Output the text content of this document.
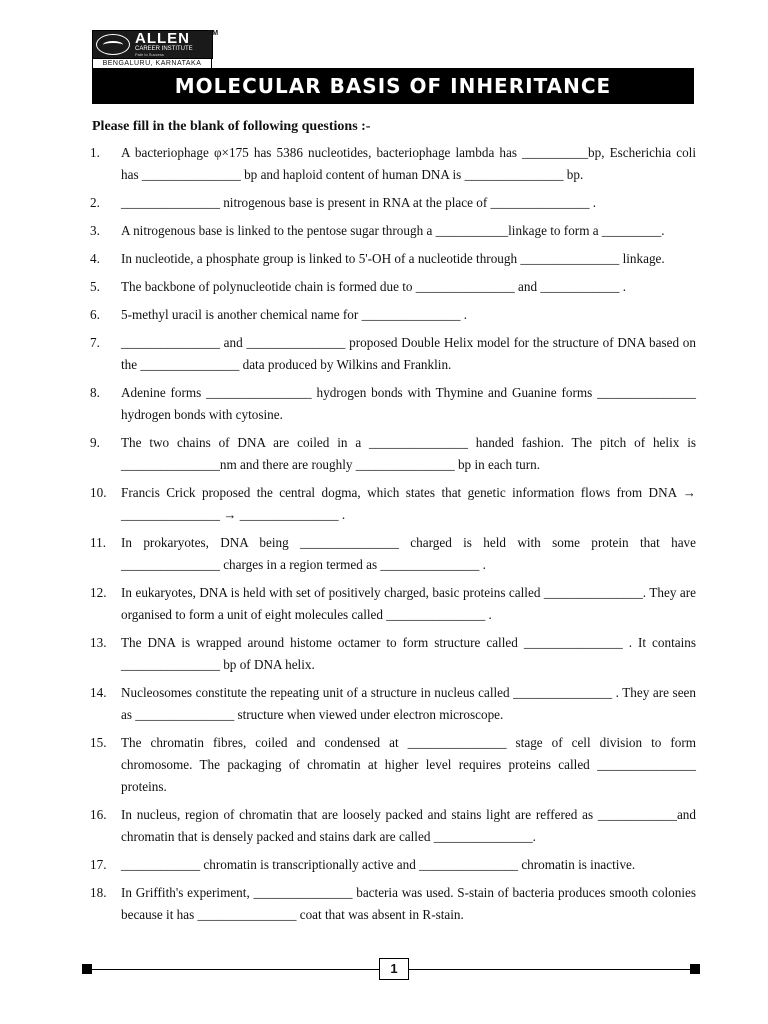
ALLEN
CAREER INSTITUTE
Path to Success
BENGALURU, KARNATAKA
TM
MOLECULAR BASIS OF INHERITANCE
Please fill in the blank of following questions :-
1.	A bacteriophage φ×175 has 5386 nucleotides, bacteriophage lambda has __________bp, Escherichia coli has _______________ bp and haploid content of human DNA is _______________ bp.
2.	_______________ nitrogenous base is present in RNA at the place of _______________ .
3.	A nitrogenous base is linked to the pentose sugar through a ___________linkage to form a _________.
4.	In nucleotide, a phosphate group is linked to 5'-OH of a nucleotide through _______________ linkage.
5.	The backbone of polynucleotide chain is formed due to _______________ and ____________ .
6.	5-methyl uracil is another chemical name for _______________ .
7.	_______________ and _______________ proposed Double Helix model for the structure of DNA based on the _______________ data produced by Wilkins and Franklin.
8.	Adenine forms ________________ hydrogen bonds with Thymine and Guanine forms _______________ hydrogen bonds with cytosine.
9.	The two chains of DNA are coiled in a _______________ handed fashion. The pitch of helix is _______________nm and there are roughly _______________ bp in each turn.
10.	Francis Crick proposed the central dogma, which states that genetic information flows from DNA → _______________ → _______________ .
11.	In prokaryotes, DNA being _______________ charged is held with some protein that have _______________ charges in a region termed as _______________ .
12.	In eukaryotes, DNA is held with set of positively charged, basic proteins called _______________. They are organised to form a unit of eight molecules called _______________ .
13.	The DNA is wrapped around histome octamer to form structure called _______________ . It contains _______________ bp of DNA helix.
14.	Nucleosomes constitute the repeating unit of a structure in nucleus called _______________ . They are seen as _______________ structure when viewed under electron microscope.
15.	The chromatin fibres, coiled and condensed at _______________ stage of cell division to form chromosome. The packaging of chromatin at higher level requires proteins called _______________ proteins.
16.	In nucleus, region of chromatin that are loosely packed and stains light are reffered as ____________and chromatin that is densely packed and stains dark are called _______________.
17.	____________ chromatin is transcriptionally active and _______________ chromatin is inactive.
18.	In Griffith's experiment, _______________ bacteria was used. S-stain of bacteria produces smooth colonies because it has _______________ coat that was absent in R-stain.
1
